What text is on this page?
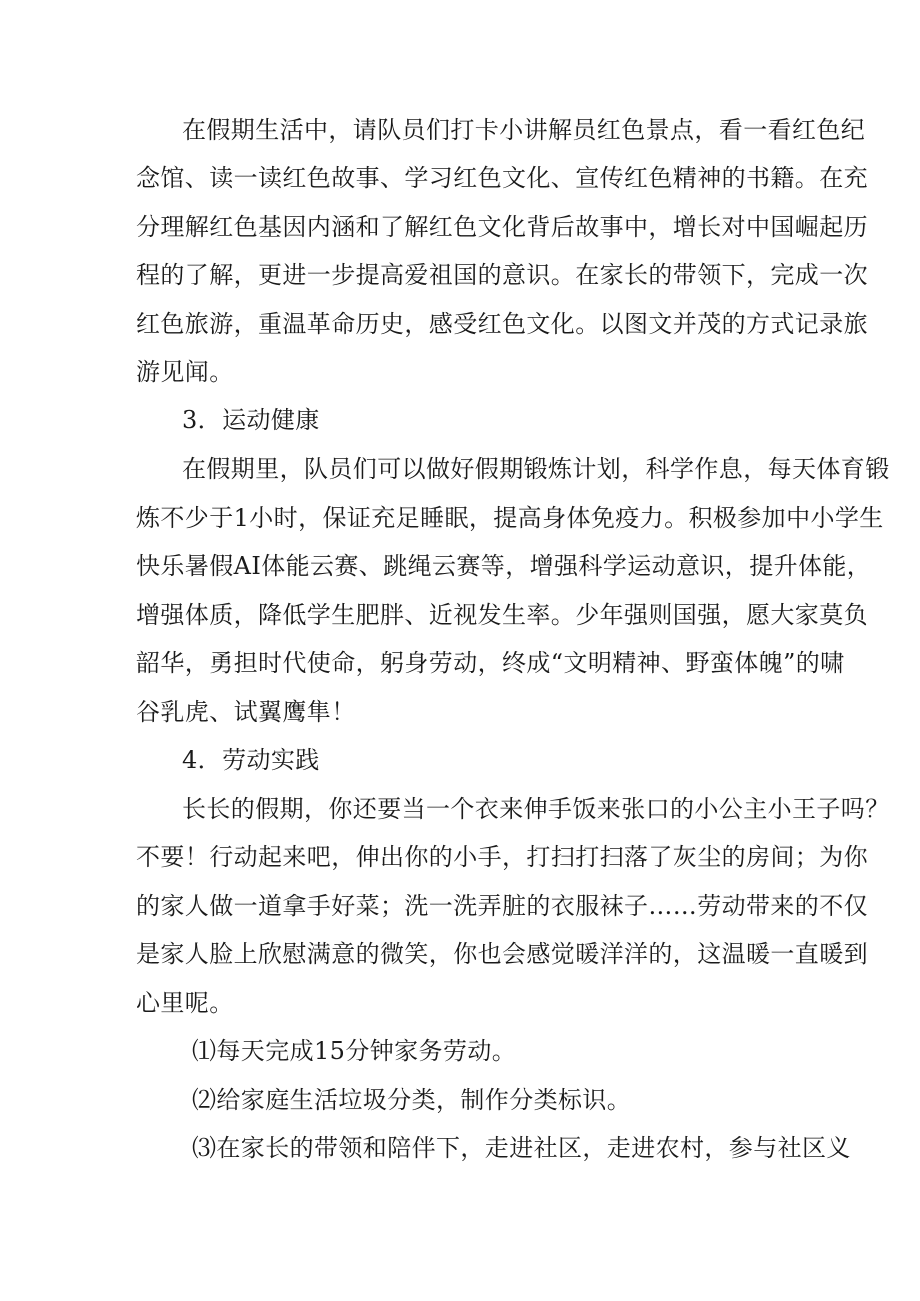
在假期生活中，请队员们打卡小讲解员红色景点，看一看红色纪
念馆、读一读红色故事、学习红色文化、宣传红色精神的书籍。在充
分理解红色基因内涵和了解红色文化背后故事中，增长对中国崛起历
程的了解，更进一步提高爱祖国的意识。在家长的带领下，完成一次
红色旅游，重温革命历史，感受红色文化。以图文并茂的方式记录旅
游见闻。
3．运动健康
在假期里，队员们可以做好假期锻炼计划，科学作息，每天体育锻
炼不少于1小时，保证充足睡眠，提高身体免疫力。积极参加中小学生
快乐暑假AI体能云赛、跳绳云赛等，增强科学运动意识，提升体能，
增强体质，降低学生肥胖、近视发生率。少年强则国强，愿大家莫负
韶华，勇担时代使命，躬身劳动，终成“文明精神、野蛮体魄”的啸
谷乳虎、试翼鹰隼！
4．劳动实践
长长的假期，你还要当一个衣来伸手饭来张口的小公主小王子吗？
不要！行动起来吧，伸出你的小手，打扫打扫落了灰尘的房间；为你
的家人做一道拿手好菜；洗一洗弄脏的衣服袜子……劳动带来的不仅
是家人脸上欣慰满意的微笑，你也会感觉暖洋洋的，这温暖一直暖到
心里呢。
⑴每天完成15分钟家务劳动。
⑵给家庭生活垃圾分类，制作分类标识。
⑶在家长的带领和陪伴下，走进社区，走进农村，参与社区义
